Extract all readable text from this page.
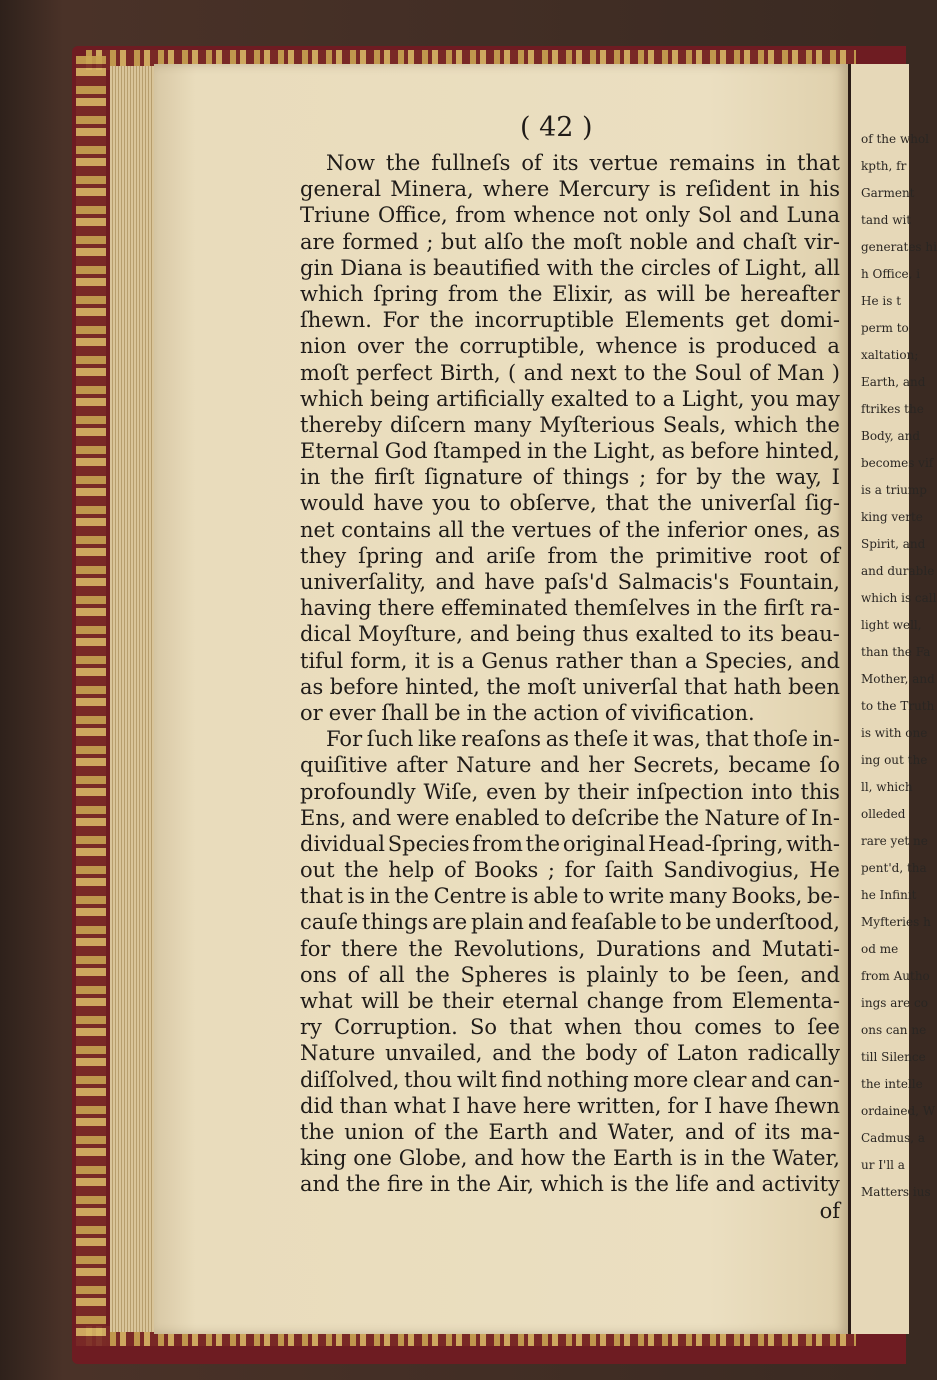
( 42 )
Now the fullneſs of its vertue remains in that
general Minera, where Mercury is reſident in his
Triune Office, from whence not only Sol and Luna
are formed ; but alſo the moſt noble and chaſt vir-
gin Diana is beautified with the circles of Light, all
which ſpring from the Elixir, as will be hereafter
ſhewn. For the incorruptible Elements get domi-
nion over the corruptible, whence is produced a
moſt perfect Birth, ( and next to the Soul of Man )
which being artificially exalted to a Light, you may
thereby diſcern many Myſterious Seals, which the
Eternal God ſtamped in the Light, as before hinted,
in the firſt ſignature of things ; for by the way, I
would have you to obſerve, that the univerſal ſig-
net contains all the vertues of the inferior ones, as
they ſpring and ariſe from the primitive root of
univerſality, and have paſs'd Salmacis's Fountain,
having there effeminated themſelves in the firſt ra-
dical Moyſture, and being thus exalted to its beau-
tiful form, it is a Genus rather than a Species, and
as before hinted, the moſt univerſal that hath been
or ever ſhall be in the action of vivification.
For ſuch like reaſons as theſe it was, that thoſe in-
quiſitive after Nature and her Secrets, became ſo
profoundly Wiſe, even by their inſpection into this
Ens, and were enabled to deſcribe the Nature of In-
dividual Species from the original Head-ſpring, with-
out the help of Books ; for ſaith Sandivogius, He
that is in the Centre is able to write many Books, be-
cauſe things are plain and feaſable to be underſtood,
for there the Revolutions, Durations and Mutati-
ons of all the Spheres is plainly to be ſeen, and
what will be their eternal change from Elementa-
ry Corruption. So that when thou comes to ſee
Nature unvailed, and the body of Laton radically
diſſolved, thou wilt find nothing more clear and can-
did than what I have here written, for I have ſhewn
the union of the Earth and Water, and of its ma-
king one Globe, and how the Earth is in the Water,
and the fire in the Air, which is the life and activity
of
of the whol
kpth, fr
Garment
tand wit
generates hi
h Office, i
He is t
perm to
xaltation;
Earth, and
ftrikes the
Body, and
becomes vif
is a triump
king verte
Spirit, and
and durable
which is call
light well,
than the Fa
Mother, and
to the Truth
is with one
ing out the
ll, which
olleded
rare yet ne
pent'd, tha
he Infinit
Myfteries h
od me
from Autho
ings are co
ons can ne
till Silence
the intelle
ordained, W
Cadmus, a
ur I'll a
Matters ius
